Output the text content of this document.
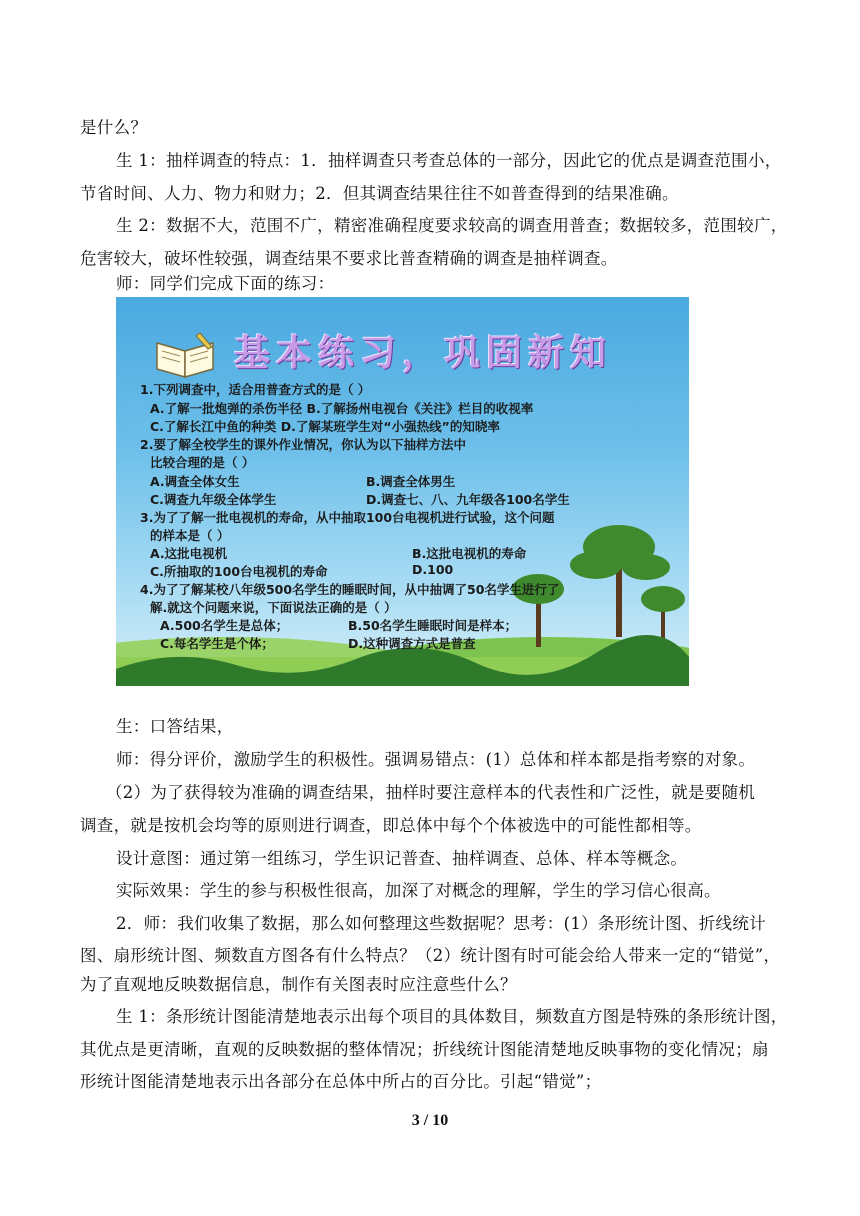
是什么？
生 1：抽样调查的特点：1．抽样调查只考查总体的一部分，因此它的优点是调查范围小，
节省时间、人力、物力和财力；2．但其调查结果往往不如普查得到的结果准确。
生 2：数据不大，范围不广，精密准确程度要求较高的调查用普查；数据较多，范围较广，
危害较大，破坏性较强，调查结果不要求比普查精确的调查是抽样调查。
师：同学们完成下面的练习：
基本练习，巩固新知
1.下列调查中，适合用普查方式的是（ ）
A.了解一批炮弹的杀伤半径 B.了解扬州电视台《关注》栏目的收视率
C.了解长江中鱼的种类 D.了解某班学生对“小强热线”的知晓率
2.要了解全校学生的课外作业情况，你认为以下抽样方法中
比较合理的是（ ）
A.调查全体女生	B.调查全体男生
C.调查九年级全体学生	D.调查七、八、九年级各100名学生
3.为了了解一批电视机的寿命，从中抽取100台电视机进行试验，这个问题
的样本是（ ）
A.这批电视机	B.这批电视机的寿命
C.所抽取的100台电视机的寿命	D.100
4.为了了解某校八年级500名学生的睡眠时间，从中抽调了50名学生进行了
解.就这个问题来说，下面说法正确的是（ ）
A.500名学生是总体；	B.50名学生睡眠时间是样本；
C.每名学生是个体；	D.这种调查方式是普查
生：口答结果，
师：得分评价，激励学生的积极性。强调易错点：(1）总体和样本都是指考察的对象。
（2）为了获得较为准确的调查结果，抽样时要注意样本的代表性和广泛性，就是要随机
调查，就是按机会均等的原则进行调查，即总体中每个个体被选中的可能性都相等。
设计意图：通过第一组练习，学生识记普查、抽样调查、总体、样本等概念。
实际效果：学生的参与积极性很高，加深了对概念的理解，学生的学习信心很高。
2．师：我们收集了数据，那么如何整理这些数据呢？思考：(1）条形统计图、折线统计
图、扇形统计图、频数直方图各有什么特点？（2）统计图有时可能会给人带来一定的“错觉”，
为了直观地反映数据信息，制作有关图表时应注意些什么？
生 1：条形统计图能清楚地表示出每个项目的具体数目，频数直方图是特殊的条形统计图，
其优点是更清晰，直观的反映数据的整体情况；折线统计图能清楚地反映事物的变化情况；扇
形统计图能清楚地表示出各部分在总体中所占的百分比。引起“错觉”；
3 / 10
